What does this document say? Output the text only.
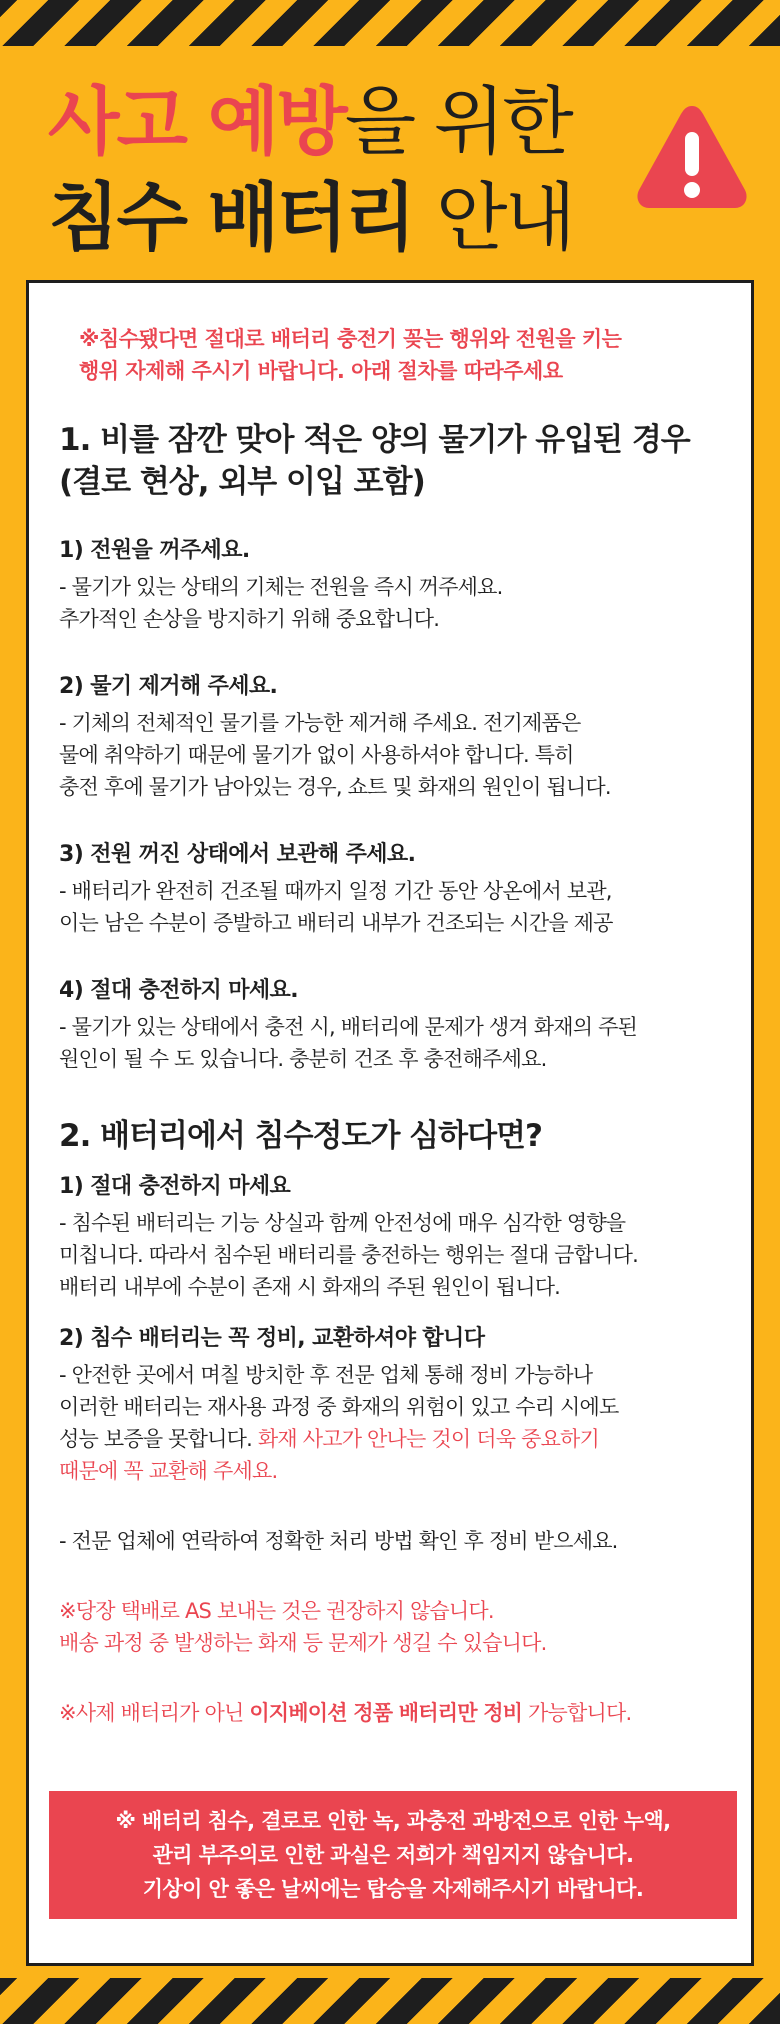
사고 예방을 위한
침수 배터리 안내
※침수됐다면 절대로 배터리 충전기 꽂는 행위와 전원을 키는
행위 자제해 주시기 바랍니다. 아래 절차를 따라주세요
1. 비를 잠깐 맞아 적은 양의 물기가 유입된 경우
(결로 현상, 외부 이입 포함)
1) 전원을 꺼주세요.
- 물기가 있는 상태의 기체는 전원을 즉시 꺼주세요.
추가적인 손상을 방지하기 위해 중요합니다.
2) 물기 제거해 주세요.
- 기체의 전체적인 물기를 가능한 제거해 주세요. 전기제품은
물에 취약하기 때문에 물기가 없이 사용하셔야 합니다. 특히
충전 후에 물기가 남아있는 경우, 쇼트 및 화재의 원인이 됩니다.
3) 전원 꺼진 상태에서 보관해 주세요.
- 배터리가 완전히 건조될 때까지 일정 기간 동안 상온에서 보관,
이는 남은 수분이 증발하고 배터리 내부가 건조되는 시간을 제공
4) 절대 충전하지 마세요.
- 물기가 있는 상태에서 충전 시, 배터리에 문제가 생겨 화재의 주된
원인이 될 수 도 있습니다. 충분히 건조 후 충전해주세요.
2. 배터리에서 침수정도가 심하다면?
1) 절대 충전하지 마세요
- 침수된 배터리는 기능 상실과 함께 안전성에 매우 심각한 영향을
미칩니다. 따라서 침수된 배터리를 충전하는 행위는 절대 금합니다.
배터리 내부에 수분이 존재 시 화재의 주된 원인이 됩니다.
2) 침수 배터리는 꼭 정비, 교환하셔야 합니다
- 안전한 곳에서 며칠 방치한 후 전문 업체 통해 정비 가능하나
이러한 배터리는 재사용 과정 중 화재의 위험이 있고 수리 시에도
성능 보증을 못합니다. 화재 사고가 안나는 것이 더욱 중요하기
때문에 꼭 교환해 주세요.
- 전문 업체에 연락하여 정확한 처리 방법 확인 후 정비 받으세요.
※당장 택배로 AS 보내는 것은 권장하지 않습니다.
배송 과정 중 발생하는 화재 등 문제가 생길 수 있습니다.
※사제 배터리가 아닌 이지베이션 정품 배터리만 정비 가능합니다.
※ 배터리 침수, 결로로 인한 녹, 과충전 과방전으로 인한 누액,
관리 부주의로 인한 과실은 저희가 책임지지 않습니다.
기상이 안 좋은 날씨에는 탑승을 자제해주시기 바랍니다.
